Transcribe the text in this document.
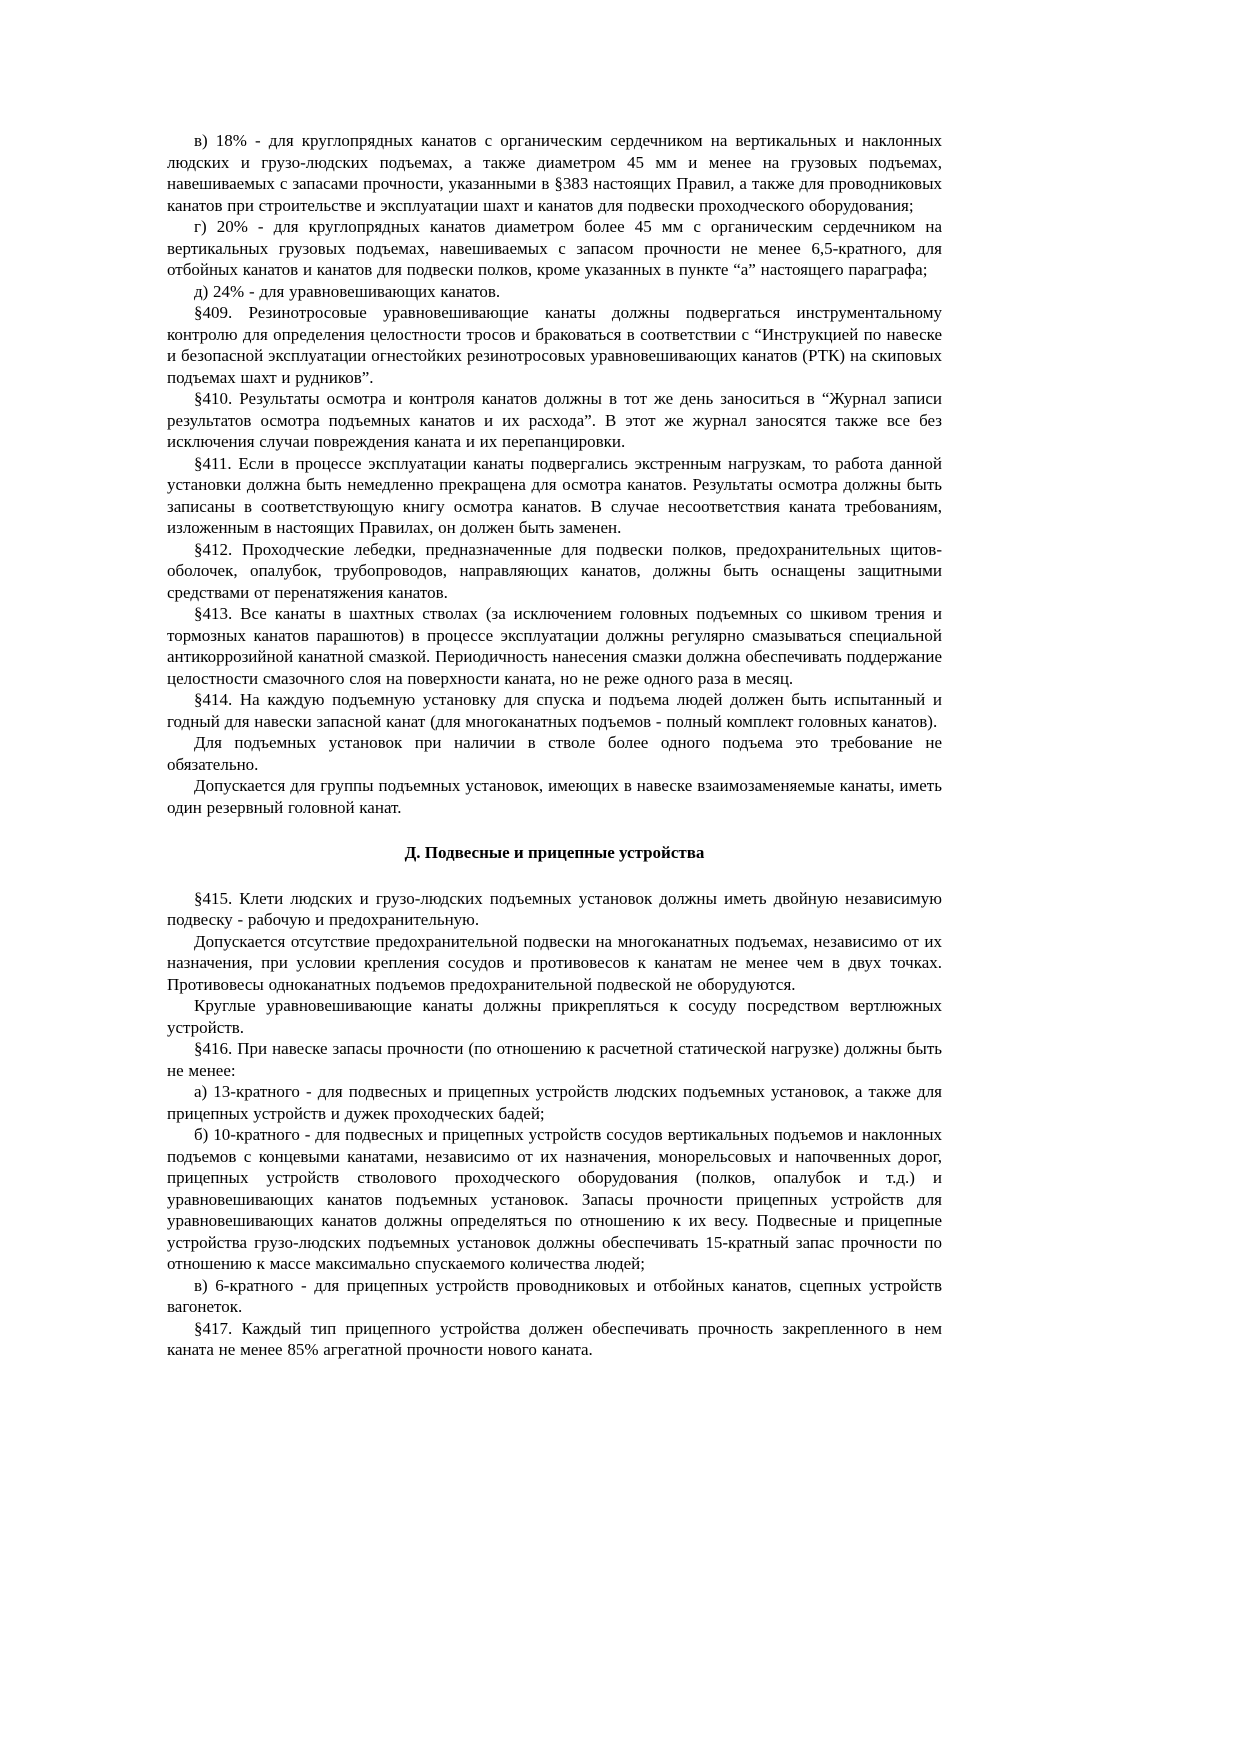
в) 18% - для круглопрядных канатов с органическим сердечником на вертикальных и наклонных людских и грузо-людских подъемах, а также диаметром 45 мм и менее на грузовых подъемах, навешиваемых с запасами прочности, указанными в §383 настоящих Правил, а также для проводниковых канатов при строительстве и эксплуатации шахт и канатов для подвески проходческого оборудования;

г) 20% - для круглопрядных канатов диаметром более 45 мм с органическим сердечником на вертикальных грузовых подъемах, навешиваемых с запасом прочности не менее 6,5-кратного, для отбойных канатов и канатов для подвески полков, кроме указанных в пункте “а” настоящего параграфа;

д) 24% - для уравновешивающих канатов.

§409. Резинотросовые уравновешивающие канаты должны подвергаться инструментальному контролю для определения целостности тросов и браковаться в соответствии с “Инструкцией по навеске и безопасной эксплуатации огнестойких резинотросовых уравновешивающих канатов (РТК) на скиповых подъемах шахт и рудников”.

§410. Результаты осмотра и контроля канатов должны в тот же день заноситься в “Журнал записи результатов осмотра подъемных канатов и их расхода”. В этот же журнал заносятся также все без исключения случаи повреждения каната и их перепанцировки.

§411. Если в процессе эксплуатации канаты подвергались экстренным нагрузкам, то работа данной установки должна быть немедленно прекращена для осмотра канатов. Результаты осмотра должны быть записаны в соответствующую книгу осмотра канатов. В случае несоответствия каната требованиям, изложенным в настоящих Правилах, он должен быть заменен.

§412. Проходческие лебедки, предназначенные для подвески полков, предохранительных щитов-оболочек, опалубок, трубопроводов, направляющих канатов, должны быть оснащены защитными средствами от перенатяжения канатов.

§413. Все канаты в шахтных стволах (за исключением головных подъемных со шкивом трения и тормозных канатов парашютов) в процессе эксплуатации должны регулярно смазываться специальной антикоррозийной канатной смазкой. Периодичность нанесения смазки должна обеспечивать поддержание целостности смазочного слоя на поверхности каната, но не реже одного раза в месяц.

§414. На каждую подъемную установку для спуска и подъема людей должен быть испытанный и годный для навески запасной канат (для многоканатных подъемов - полный комплект головных канатов).

Для подъемных установок при наличии в стволе более одного подъема это требование не обязательно.

Допускается для группы подъемных установок, имеющих в навеске взаимозаменяемые канаты, иметь один резервный головной канат.

Д. Подвесные и прицепные устройства

§415. Клети людских и грузо-людских подъемных установок должны иметь двойную независимую подвеску - рабочую и предохранительную.

Допускается отсутствие предохранительной подвески на многоканатных подъемах, независимо от их назначения, при условии крепления сосудов и противовесов к канатам не менее чем в двух точках. Противовесы одноканатных подъемов предохранительной подвеской не оборудуются.

Круглые уравновешивающие канаты должны прикрепляться к сосуду посредством вертлюжных устройств.

§416. При навеске запасы прочности (по отношению к расчетной статической нагрузке) должны быть не менее:

а) 13-кратного - для подвесных и прицепных устройств людских подъемных установок, а также для прицепных устройств и дужек проходческих бадей;

б) 10-кратного - для подвесных и прицепных устройств сосудов вертикальных подъемов и наклонных подъемов с концевыми канатами, независимо от их назначения, монорельсовых и напочвенных дорог, прицепных устройств стволового проходческого оборудования (полков, опалубок и т.д.) и уравновешивающих канатов подъемных установок. Запасы прочности прицепных устройств для уравновешивающих канатов должны определяться по отношению к их весу. Подвесные и прицепные устройства грузо-людских подъемных установок должны обеспечивать 15-кратный запас прочности по отношению к массе максимально спускаемого количества людей;

в) 6-кратного - для прицепных устройств проводниковых и отбойных канатов, сцепных устройств вагонеток.

§417. Каждый тип прицепного устройства должен обеспечивать прочность закрепленного в нем каната не менее 85% агрегатной прочности нового каната.
